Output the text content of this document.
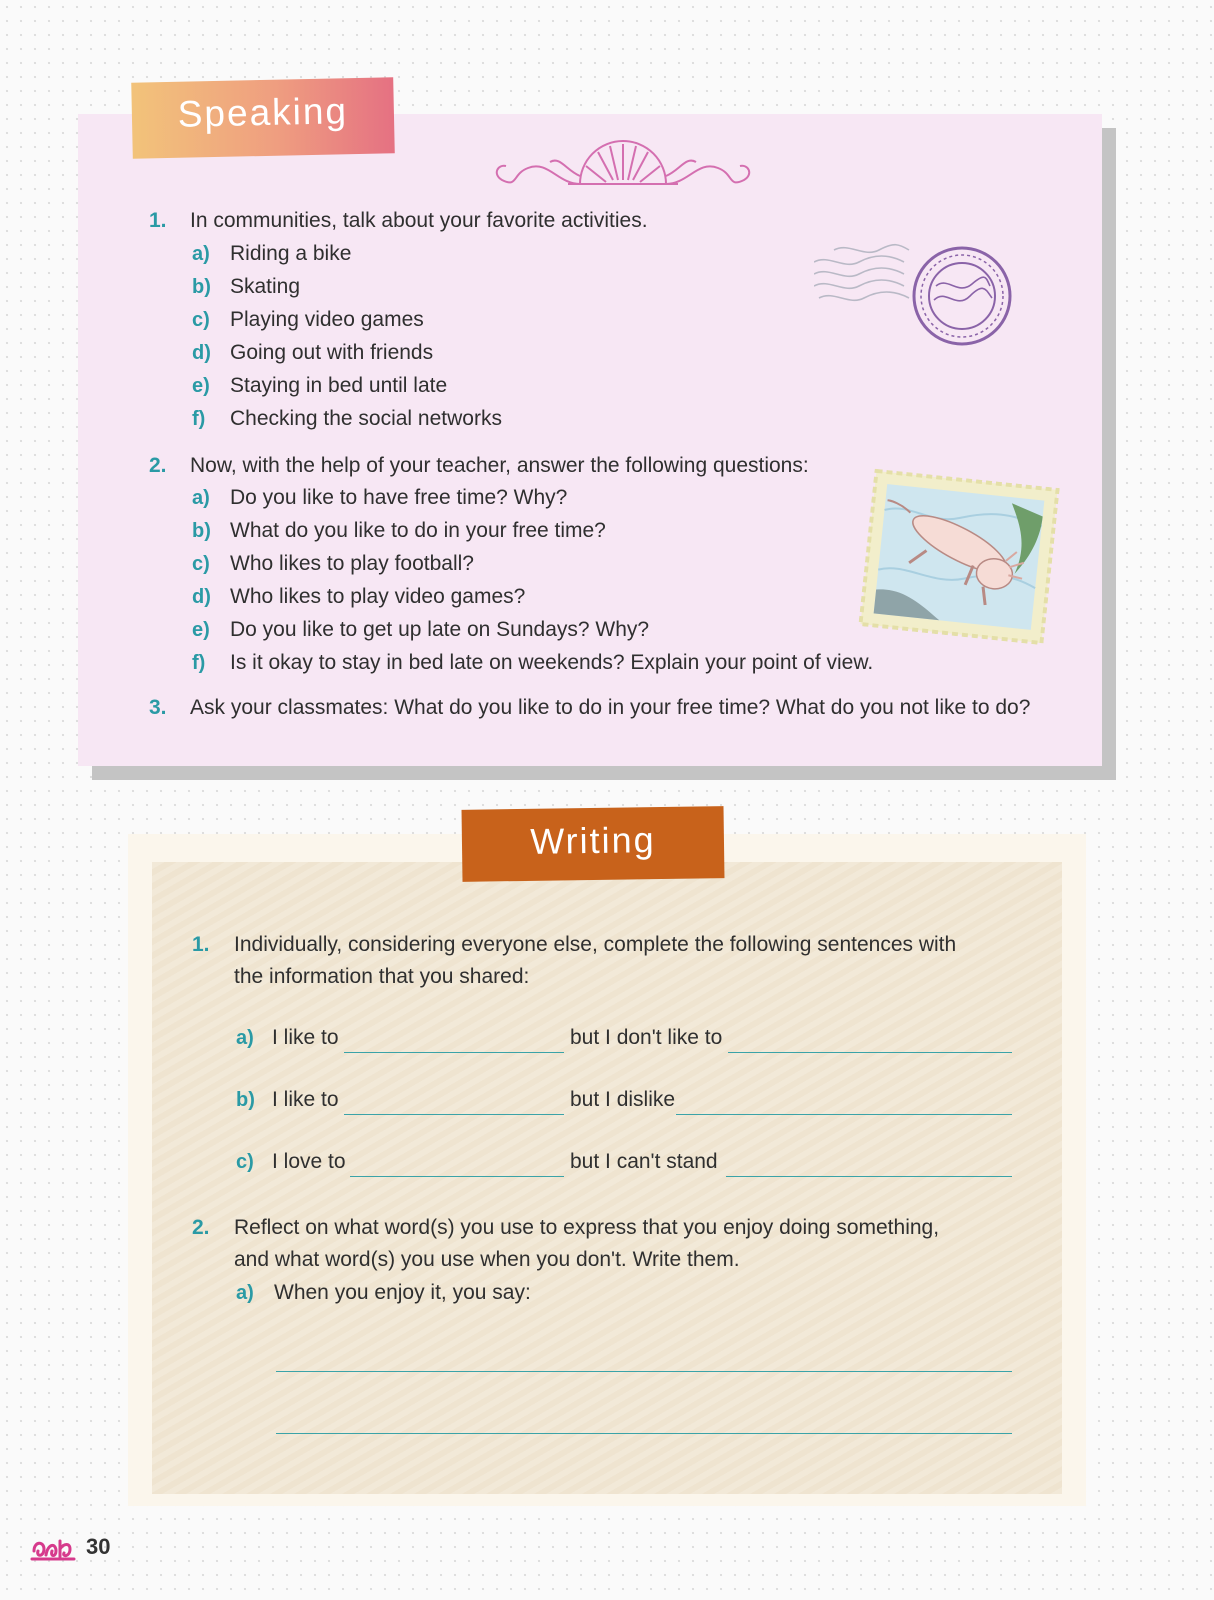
Speaking
1. In communities, talk about your favorite activities.
a) Riding a bike
b) Skating
c) Playing video games
d) Going out with friends
e) Staying in bed until late
f) Checking the social networks
2. Now, with the help of your teacher, answer the following questions:
a) Do you like to have free time? Why?
b) What do you like to do in your free time?
c) Who likes to play football?
d) Who likes to play video games?
e) Do you like to get up late on Sundays? Why?
f) Is it okay to stay in bed late on weekends? Explain your point of view.
3. Ask your classmates: What do you like to do in your free time? What do you not like to do?
Writing
1. Individually, considering everyone else, complete the following sentences with
the information that you shared:
a) I like to	but I don't like to
b) I like to	but I dislike
c) I love to	but I can't stand
2. Reflect on what word(s) you use to express that you enjoy doing something,
and what word(s) you use when you don't. Write them.
a) When you enjoy it, you say:
30
